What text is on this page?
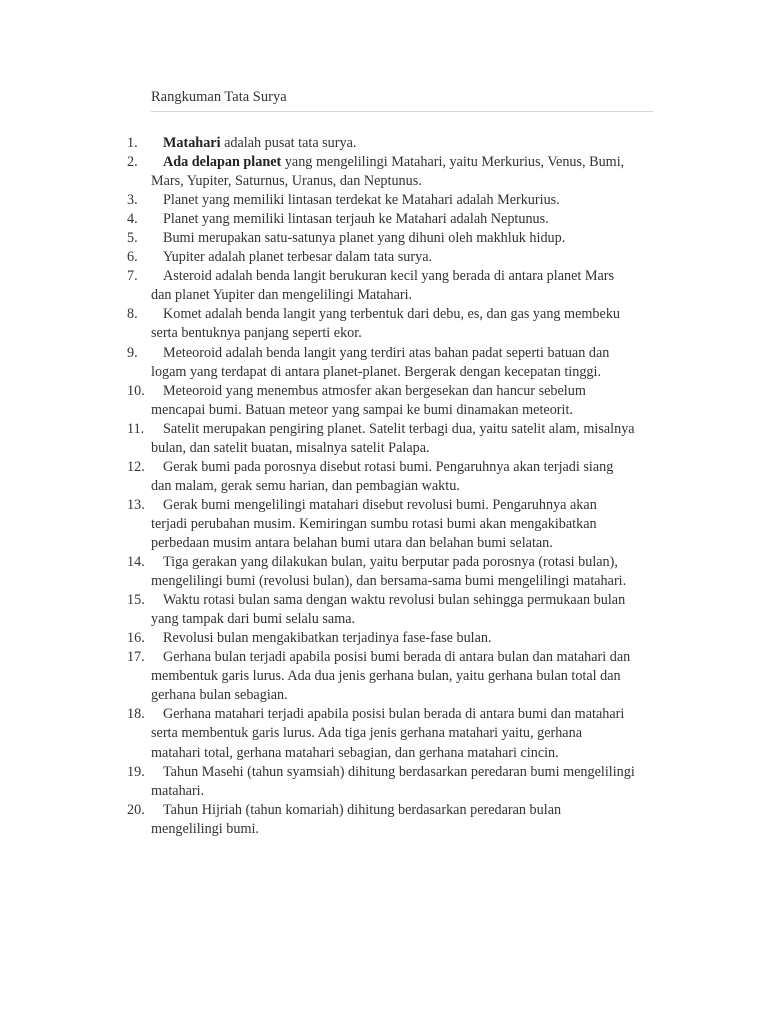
Rangkuman Tata Surya
1.	Matahari adalah pusat tata surya.
2.	Ada delapan planet yang mengelilingi Matahari, yaitu Merkurius, Venus, Bumi, Mars, Yupiter, Saturnus, Uranus, dan Neptunus.
3.	Planet yang memiliki lintasan terdekat ke Matahari adalah Merkurius.
4.	Planet yang memiliki lintasan terjauh ke Matahari adalah Neptunus.
5.	Bumi merupakan satu-satunya planet yang dihuni oleh makhluk hidup.
6.	Yupiter adalah planet terbesar dalam tata surya.
7.	Asteroid adalah benda langit berukuran kecil yang berada di antara planet Mars dan planet Yupiter dan mengelilingi Matahari.
8.	Komet adalah benda langit yang terbentuk dari debu, es, dan gas yang membeku serta bentuknya panjang seperti ekor.
9.	Meteoroid adalah benda langit yang terdiri atas bahan padat seperti batuan dan logam yang terdapat di antara planet-planet. Bergerak dengan kecepatan tinggi.
10.	Meteoroid yang menembus atmosfer akan bergesekan dan hancur sebelum mencapai bumi. Batuan meteor yang sampai ke bumi dinamakan meteorit.
11.	Satelit merupakan pengiring planet. Satelit terbagi dua, yaitu satelit alam, misalnya bulan, dan satelit buatan, misalnya satelit Palapa.
12.	Gerak bumi pada porosnya disebut rotasi bumi. Pengaruhnya akan terjadi siang dan malam, gerak semu harian, dan pembagian waktu.
13.	Gerak bumi mengelilingi matahari disebut revolusi bumi. Pengaruhnya akan terjadi perubahan musim. Kemiringan sumbu rotasi bumi akan mengakibatkan perbedaan musim antara belahan bumi utara dan belahan bumi selatan.
14.	Tiga gerakan yang dilakukan bulan, yaitu berputar pada porosnya (rotasi bulan), mengelilingi bumi (revolusi bulan), dan bersama-sama bumi mengelilingi matahari.
15.	Waktu rotasi bulan sama dengan waktu revolusi bulan sehingga permukaan bulan yang tampak dari bumi selalu sama.
16.	Revolusi bulan mengakibatkan terjadinya fase-fase bulan.
17.	Gerhana bulan terjadi apabila posisi bumi berada di antara bulan dan matahari dan membentuk garis lurus. Ada dua jenis gerhana bulan, yaitu gerhana bulan total dan gerhana bulan sebagian.
18.	Gerhana matahari terjadi apabila posisi bulan berada di antara bumi dan matahari serta membentuk garis lurus. Ada tiga jenis gerhana matahari yaitu, gerhana matahari total, gerhana matahari sebagian, dan gerhana matahari cincin.
19.	Tahun Masehi (tahun syamsiah) dihitung berdasarkan peredaran bumi mengelilingi matahari.
20.	Tahun Hijriah (tahun komariah) dihitung berdasarkan peredaran bulan mengelilingi bumi.
